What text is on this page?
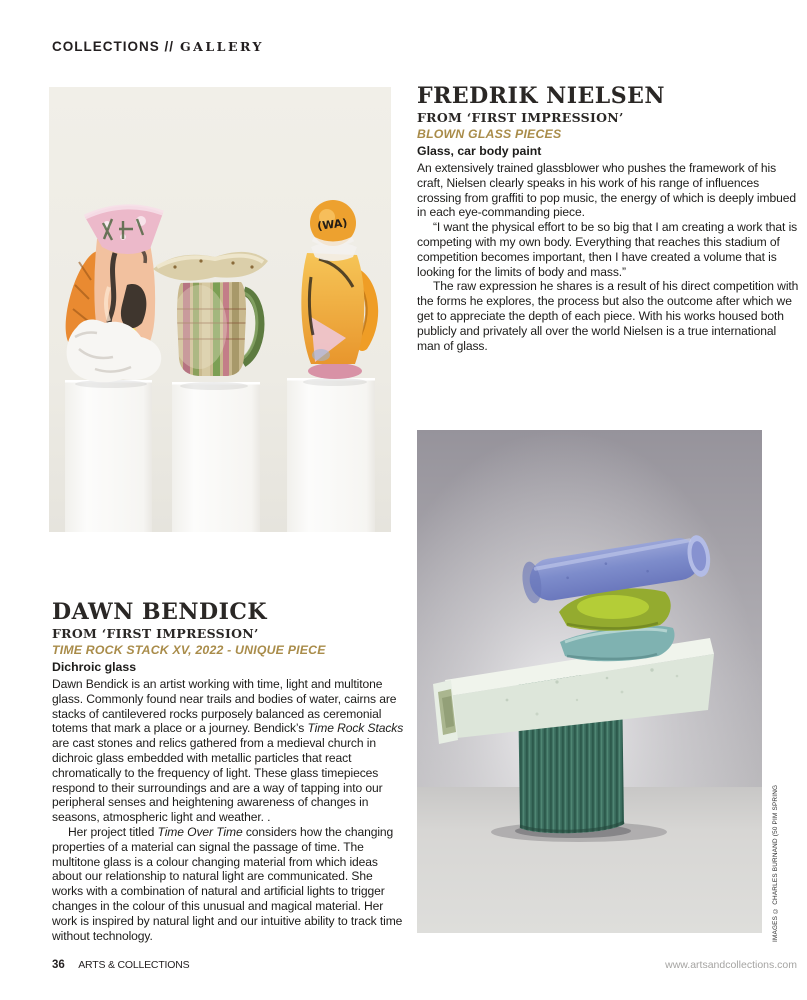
COLLECTIONS // GALLERY
(WA)
FREDRIK NIELSEN
FROM ‘FIRST IMPRESSION’
BLOWN GLASS PIECES
Glass, car body paint

An extensively trained glassblower who pushes the framework of his craft, Nielsen clearly speaks in his work of his range of influences crossing from graffiti to pop music, the energy of which is deeply imbued in each eye-commanding piece.

“I want the physical effort to be so big that I am creating a work that is competing with my own body. Everything that reaches this stadium of competition becomes important, then I have created a volume that is looking for the limits of body and mass.”

The raw expression he shares is a result of his direct competition with the forms he explores, the process but also the outcome after which we get to appreciate the depth of each piece. With his works housed both publicly and privately all over the world Nielsen is a true international man of glass.

IMAGES © CHARLES BURNAND (50 PIM SPRING
DAWN BENDICK
FROM ‘FIRST IMPRESSION’
TIME ROCK STACK XV, 2022 - UNIQUE PIECE
Dichroic glass

Dawn Bendick is an artist working with time, light and multitone glass. Commonly found near trails and bodies of water, cairns are stacks of cantilevered rocks purposely balanced as ceremonial totems that mark a place or a journey. Bendick’s Time Rock Stacks are cast stones and relics gathered from a medieval church in dichroic glass embedded with metallic particles that react chromatically to the frequency of light. These glass timepieces respond to their surroundings and are a way of tapping into our peripheral senses and heightening awareness of changes in seasons, atmospheric light and weather. .

Her project titled Time Over Time considers how the changing properties of a material can signal the passage of time. The multitone glass is a colour changing material from which ideas about our relationship to natural light are communicated. She works with a combination of natural and artificial lights to trigger changes in the colour of this unusual and magical material. Her work is inspired by natural light and our intuitive ability to track time without technology.

36 ARTS & COLLECTIONS	www.artsandcollections.com
